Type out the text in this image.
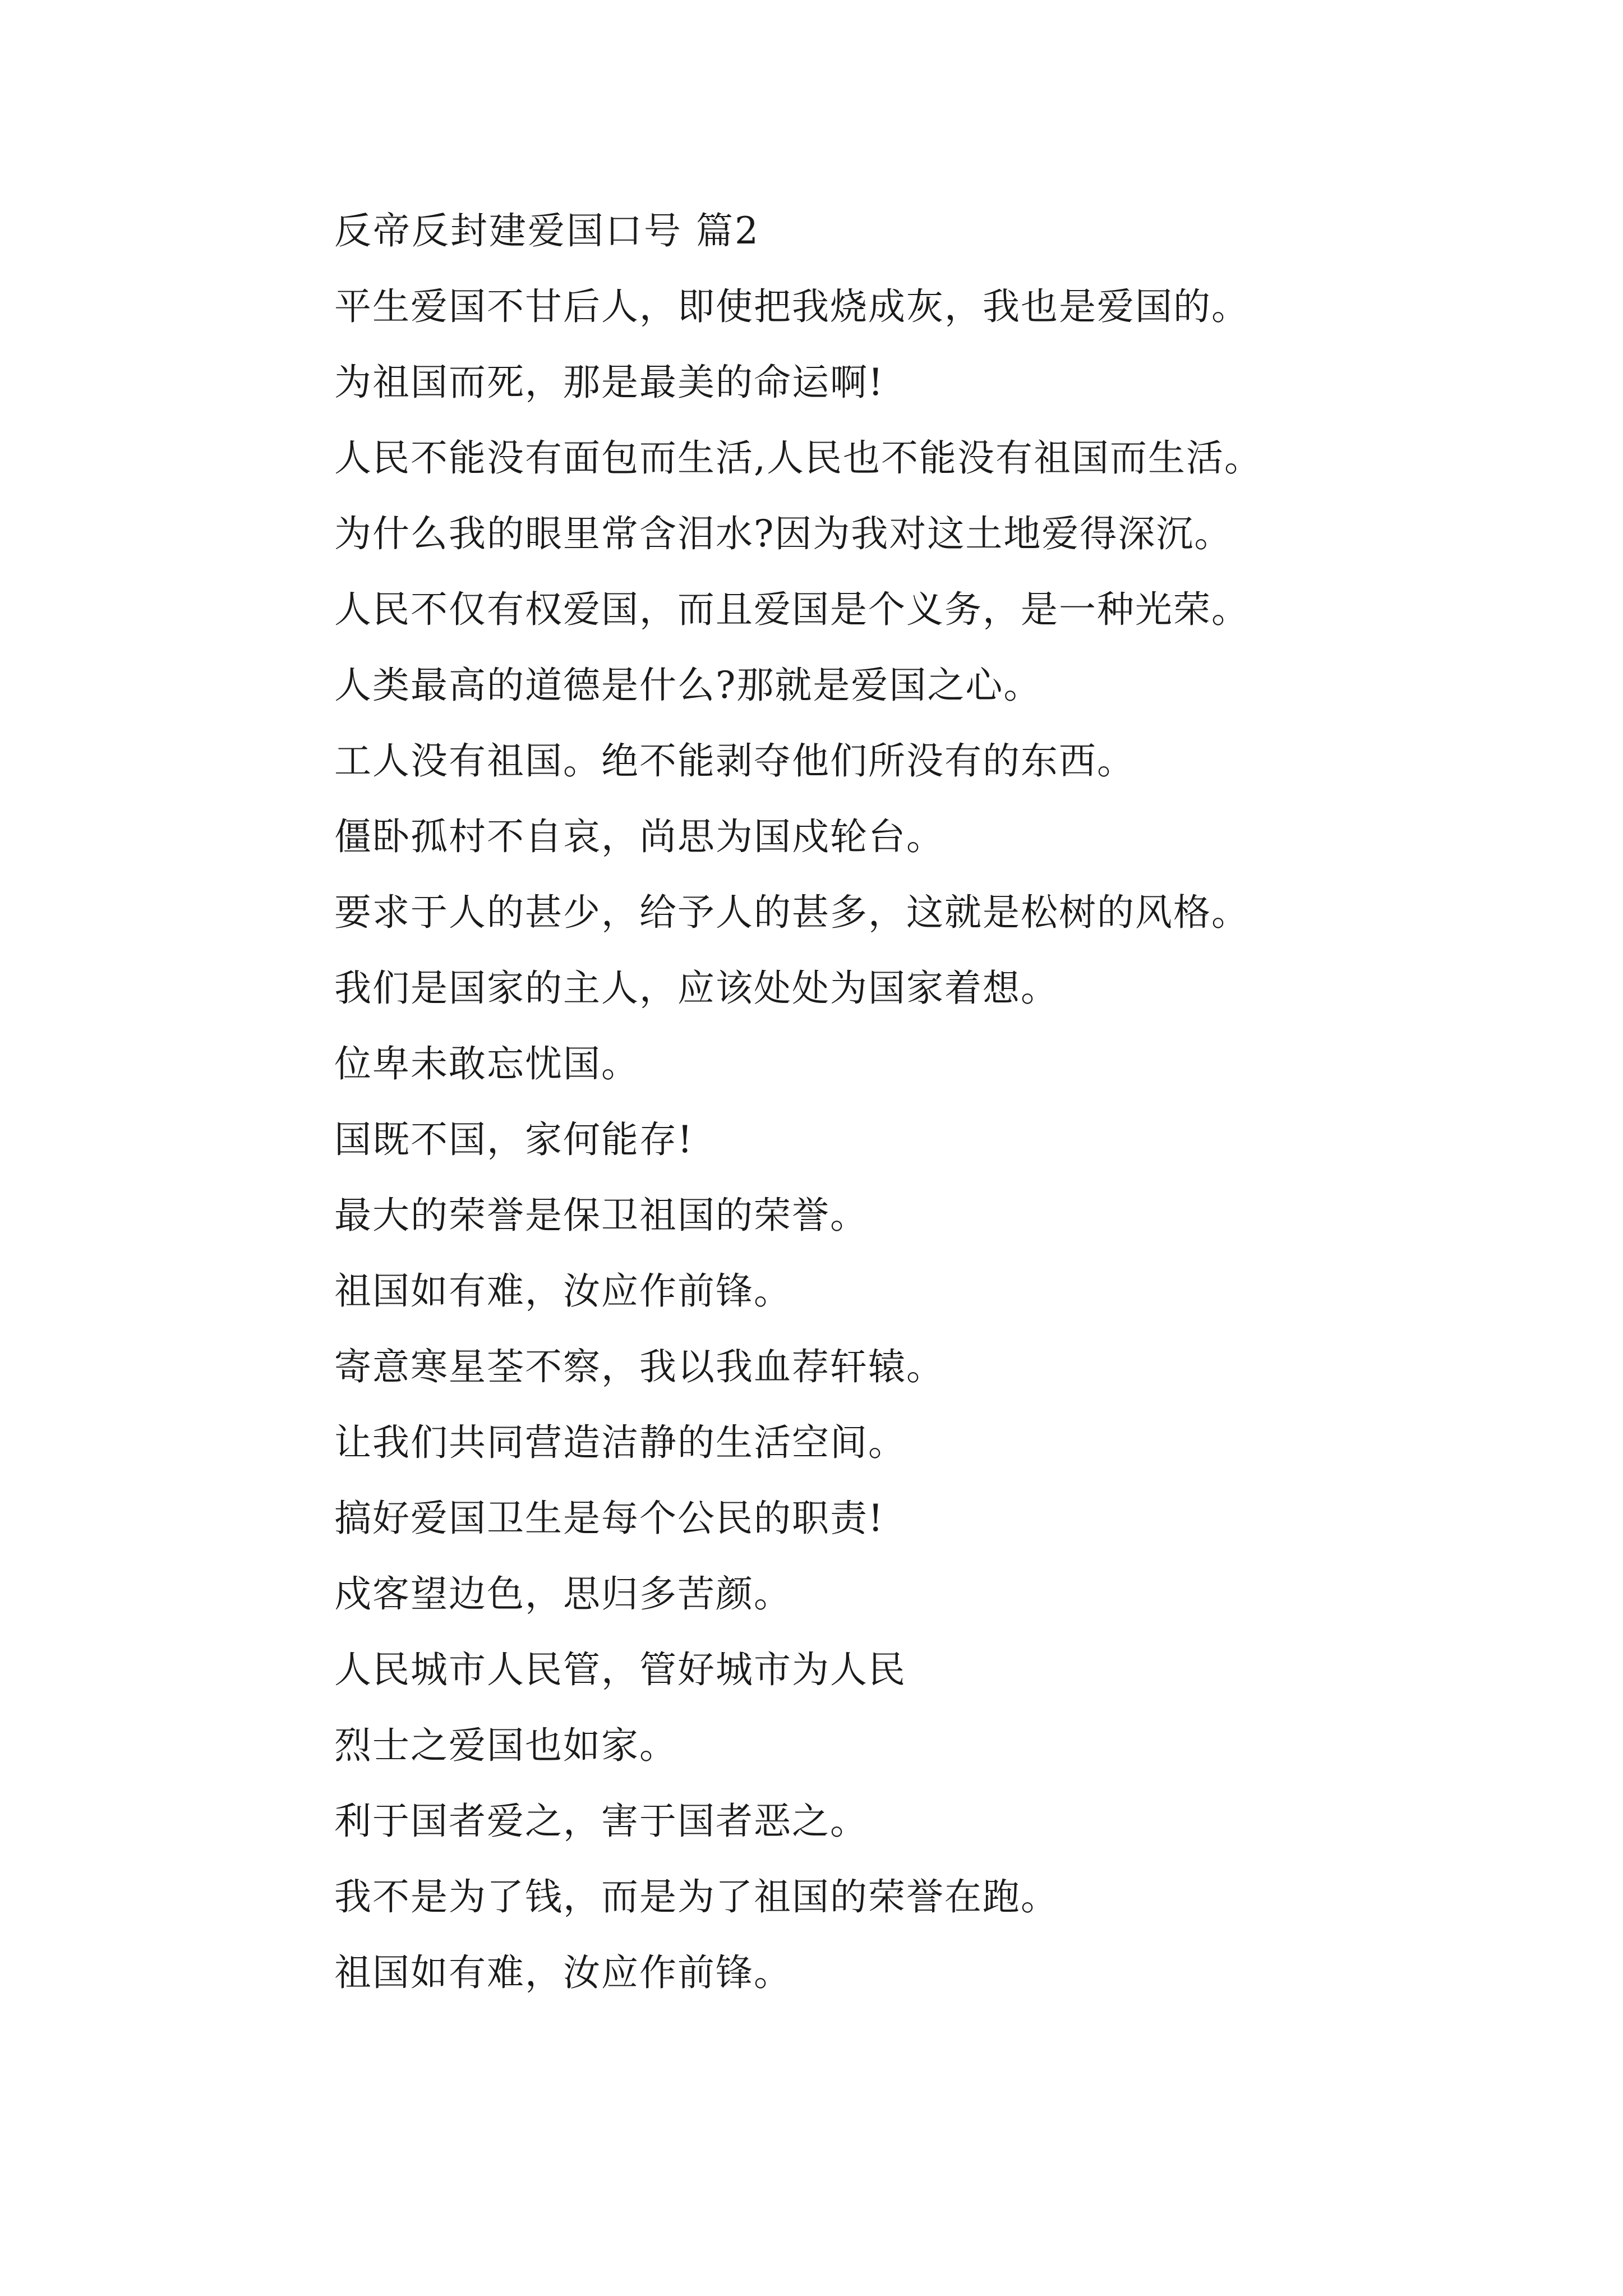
反帝反封建爱国口号 篇2
平生爱国不甘后人，即使把我烧成灰，我也是爱国的。
为祖国而死，那是最美的命运啊!
人民不能没有面包而生活,人民也不能没有祖国而生活。
为什么我的眼里常含泪水?因为我对这土地爱得深沉。
人民不仅有权爱国，而且爱国是个义务，是一种光荣。
人类最高的道德是什么?那就是爱国之心。
工人没有祖国。绝不能剥夺他们所没有的东西。
僵卧孤村不自哀，尚思为国戍轮台。
要求于人的甚少，给予人的甚多，这就是松树的风格。
我们是国家的主人，应该处处为国家着想。
位卑未敢忘忧国。
国既不国，家何能存!
最大的荣誉是保卫祖国的荣誉。
祖国如有难，汝应作前锋。
寄意寒星荃不察，我以我血荐轩辕。
让我们共同营造洁静的生活空间。
搞好爱国卫生是每个公民的职责!
戍客望边色，思归多苦颜。
人民城市人民管，管好城市为人民
烈士之爱国也如家。
利于国者爱之，害于国者恶之。
我不是为了钱，而是为了祖国的荣誉在跑。
祖国如有难，汝应作前锋。
